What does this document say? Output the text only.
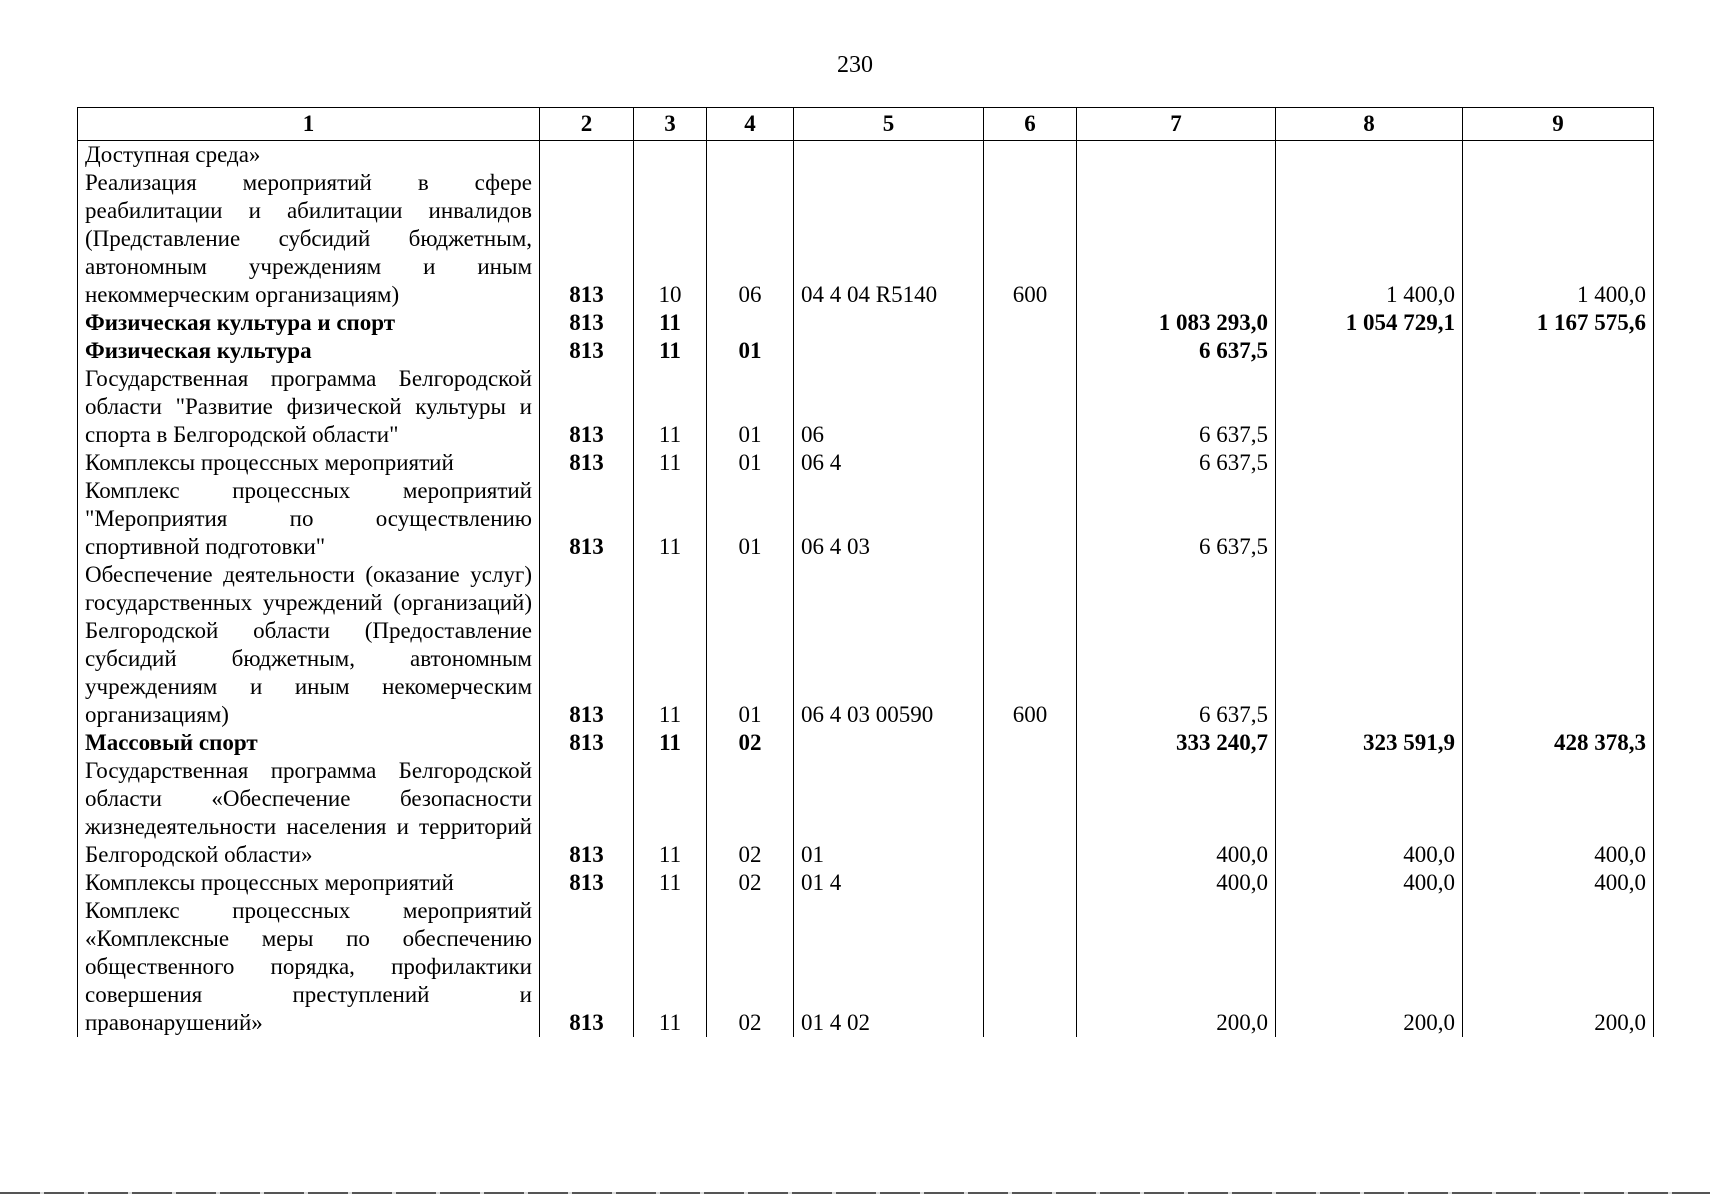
230
1	2	3	4	5	6	7	8	9
Доступная среда»								
Реализация мероприятий в сфере реабилитации и абилитации инвалидов (Представление субсидий бюджетным, автономным учреждениям и иным некоммерческим организациям)	813	10	06	04 4 04 R5140	600		1 400,0	1 400,0
Физическая культура и спорт	813	11				1 083 293,0	1 054 729,1	1 167 575,6
Физическая культура	813	11	01			6 637,5		
Государственная программа Белгородской области "Развитие физической культуры и спорта в Белгородской области"	813	11	01	06		6 637,5		
Комплексы процессных мероприятий	813	11	01	06 4		6 637,5		
Комплекс процессных мероприятий "Мероприятия по осуществлению спортивной подготовки"	813	11	01	06 4 03		6 637,5		
Обеспечение деятельности (оказание услуг) государственных учреждений (организаций) Белгородской области (Предоставление субсидий бюджетным, автономным учреждениям и иным некомерческим организациям)	813	11	01	06 4 03 00590	600	6 637,5		
Массовый спорт	813	11	02			333 240,7	323 591,9	428 378,3
Государственная программа Белгородской области «Обеспечение безопасности жизнедеятельности населения и территорий Белгородской области»	813	11	02	01		400,0	400,0	400,0
Комплексы процессных мероприятий	813	11	02	01 4		400,0	400,0	400,0
Комплекс процессных мероприятий «Комплексные меры по обеспечению общественного порядка, профилактики совершения преступлений и правонарушений»	813	11	02	01 4 02		200,0	200,0	200,0
